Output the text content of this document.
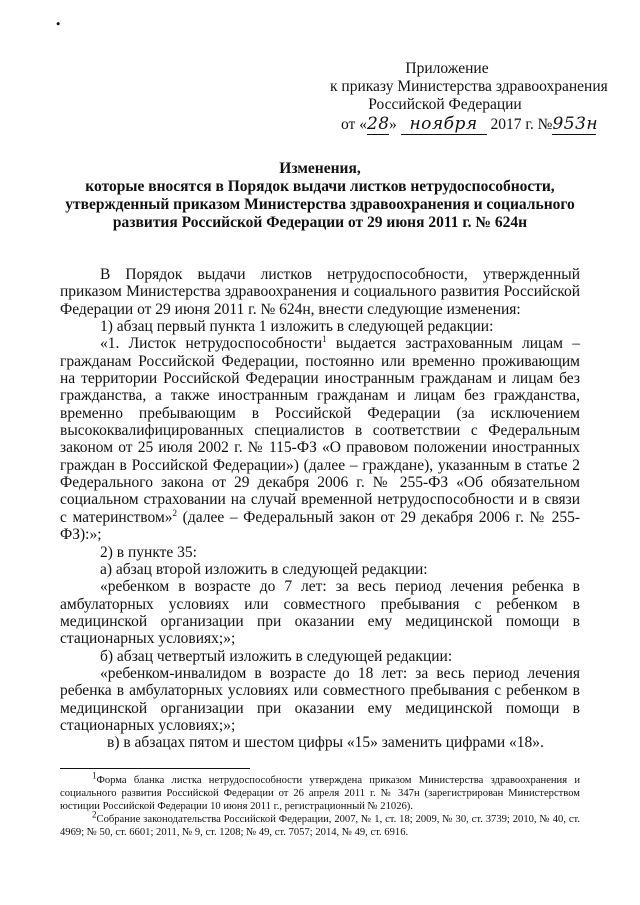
•
Приложение
к приказу Министерства здравоохранения
Российской Федерации
от «28» ноября 2017 г. №953н
Изменения,
которые вносятся в Порядок выдачи листков нетрудоспособности,
утвержденный приказом Министерства здравоохранения и социального
развития Российской Федерации от 29 июня 2011 г. № 624н

В Порядок выдачи листков нетрудоспособности, утвержденный приказом Министерства здравоохранения и социального развития Российской Федерации от 29 июня 2011 г. № 624н, внести следующие изменения:

1) абзац первый пункта 1 изложить в следующей редакции:

«1. Листок нетрудоспособности$^1$ выдается застрахованным лицам – гражданам Российской Федерации, постоянно или временно проживающим на территории Российской Федерации иностранным гражданам и лицам без гражданства, а также иностранным гражданам и лицам без гражданства, временно пребывающим в Российской Федерации (за исключением высококвалифицированных специалистов в соответствии с Федеральным законом от 25 июля 2002 г. № 115-ФЗ «О правовом положении иностранных граждан в Российской Федерации») (далее – граждане), указанным в статье 2 Федерального закона от 29 декабря 2006 г. № 255-ФЗ «Об обязательном социальном страховании на случай временной нетрудоспособности и в связи с материнством»$^2$ (далее – Федеральный закон от 29 декабря 2006 г. № 255-ФЗ):»;

2) в пункте 35:

а) абзац второй изложить в следующей редакции:

«ребенком в возрасте до 7 лет: за весь период лечения ребенка в амбулаторных условиях или совместного пребывания с ребенком в медицинской организации при оказании ему медицинской помощи в стационарных условиях;»;

б) абзац четвертый изложить в следующей редакции:

«ребенком-инвалидом в возрасте до 18 лет: за весь период лечения ребенка в амбулаторных условиях или совместного пребывания с ребенком в медицинской организации при оказании ему медицинской помощи в стационарных условиях;»;

в) в абзацах пятом и шестом цифры «15» заменить цифрами «18».

$^1$Форма бланка листка нетрудоспособности утверждена приказом Министерства здравоохранения и социального развития Российской Федерации от 26 апреля 2011 г. № 347н (зарегистрирован Министерством юстиции Российской Федерации 10 июня 2011 г., регистрационный № 21026).

$^2$Собрание законодательства Российской Федерации, 2007, № 1, ст. 18; 2009, № 30, ст. 3739; 2010, № 40, ст. 4969; № 50, ст. 6601; 2011, № 9, ст. 1208; № 49, ст. 7057; 2014, № 49, ст. 6916.
